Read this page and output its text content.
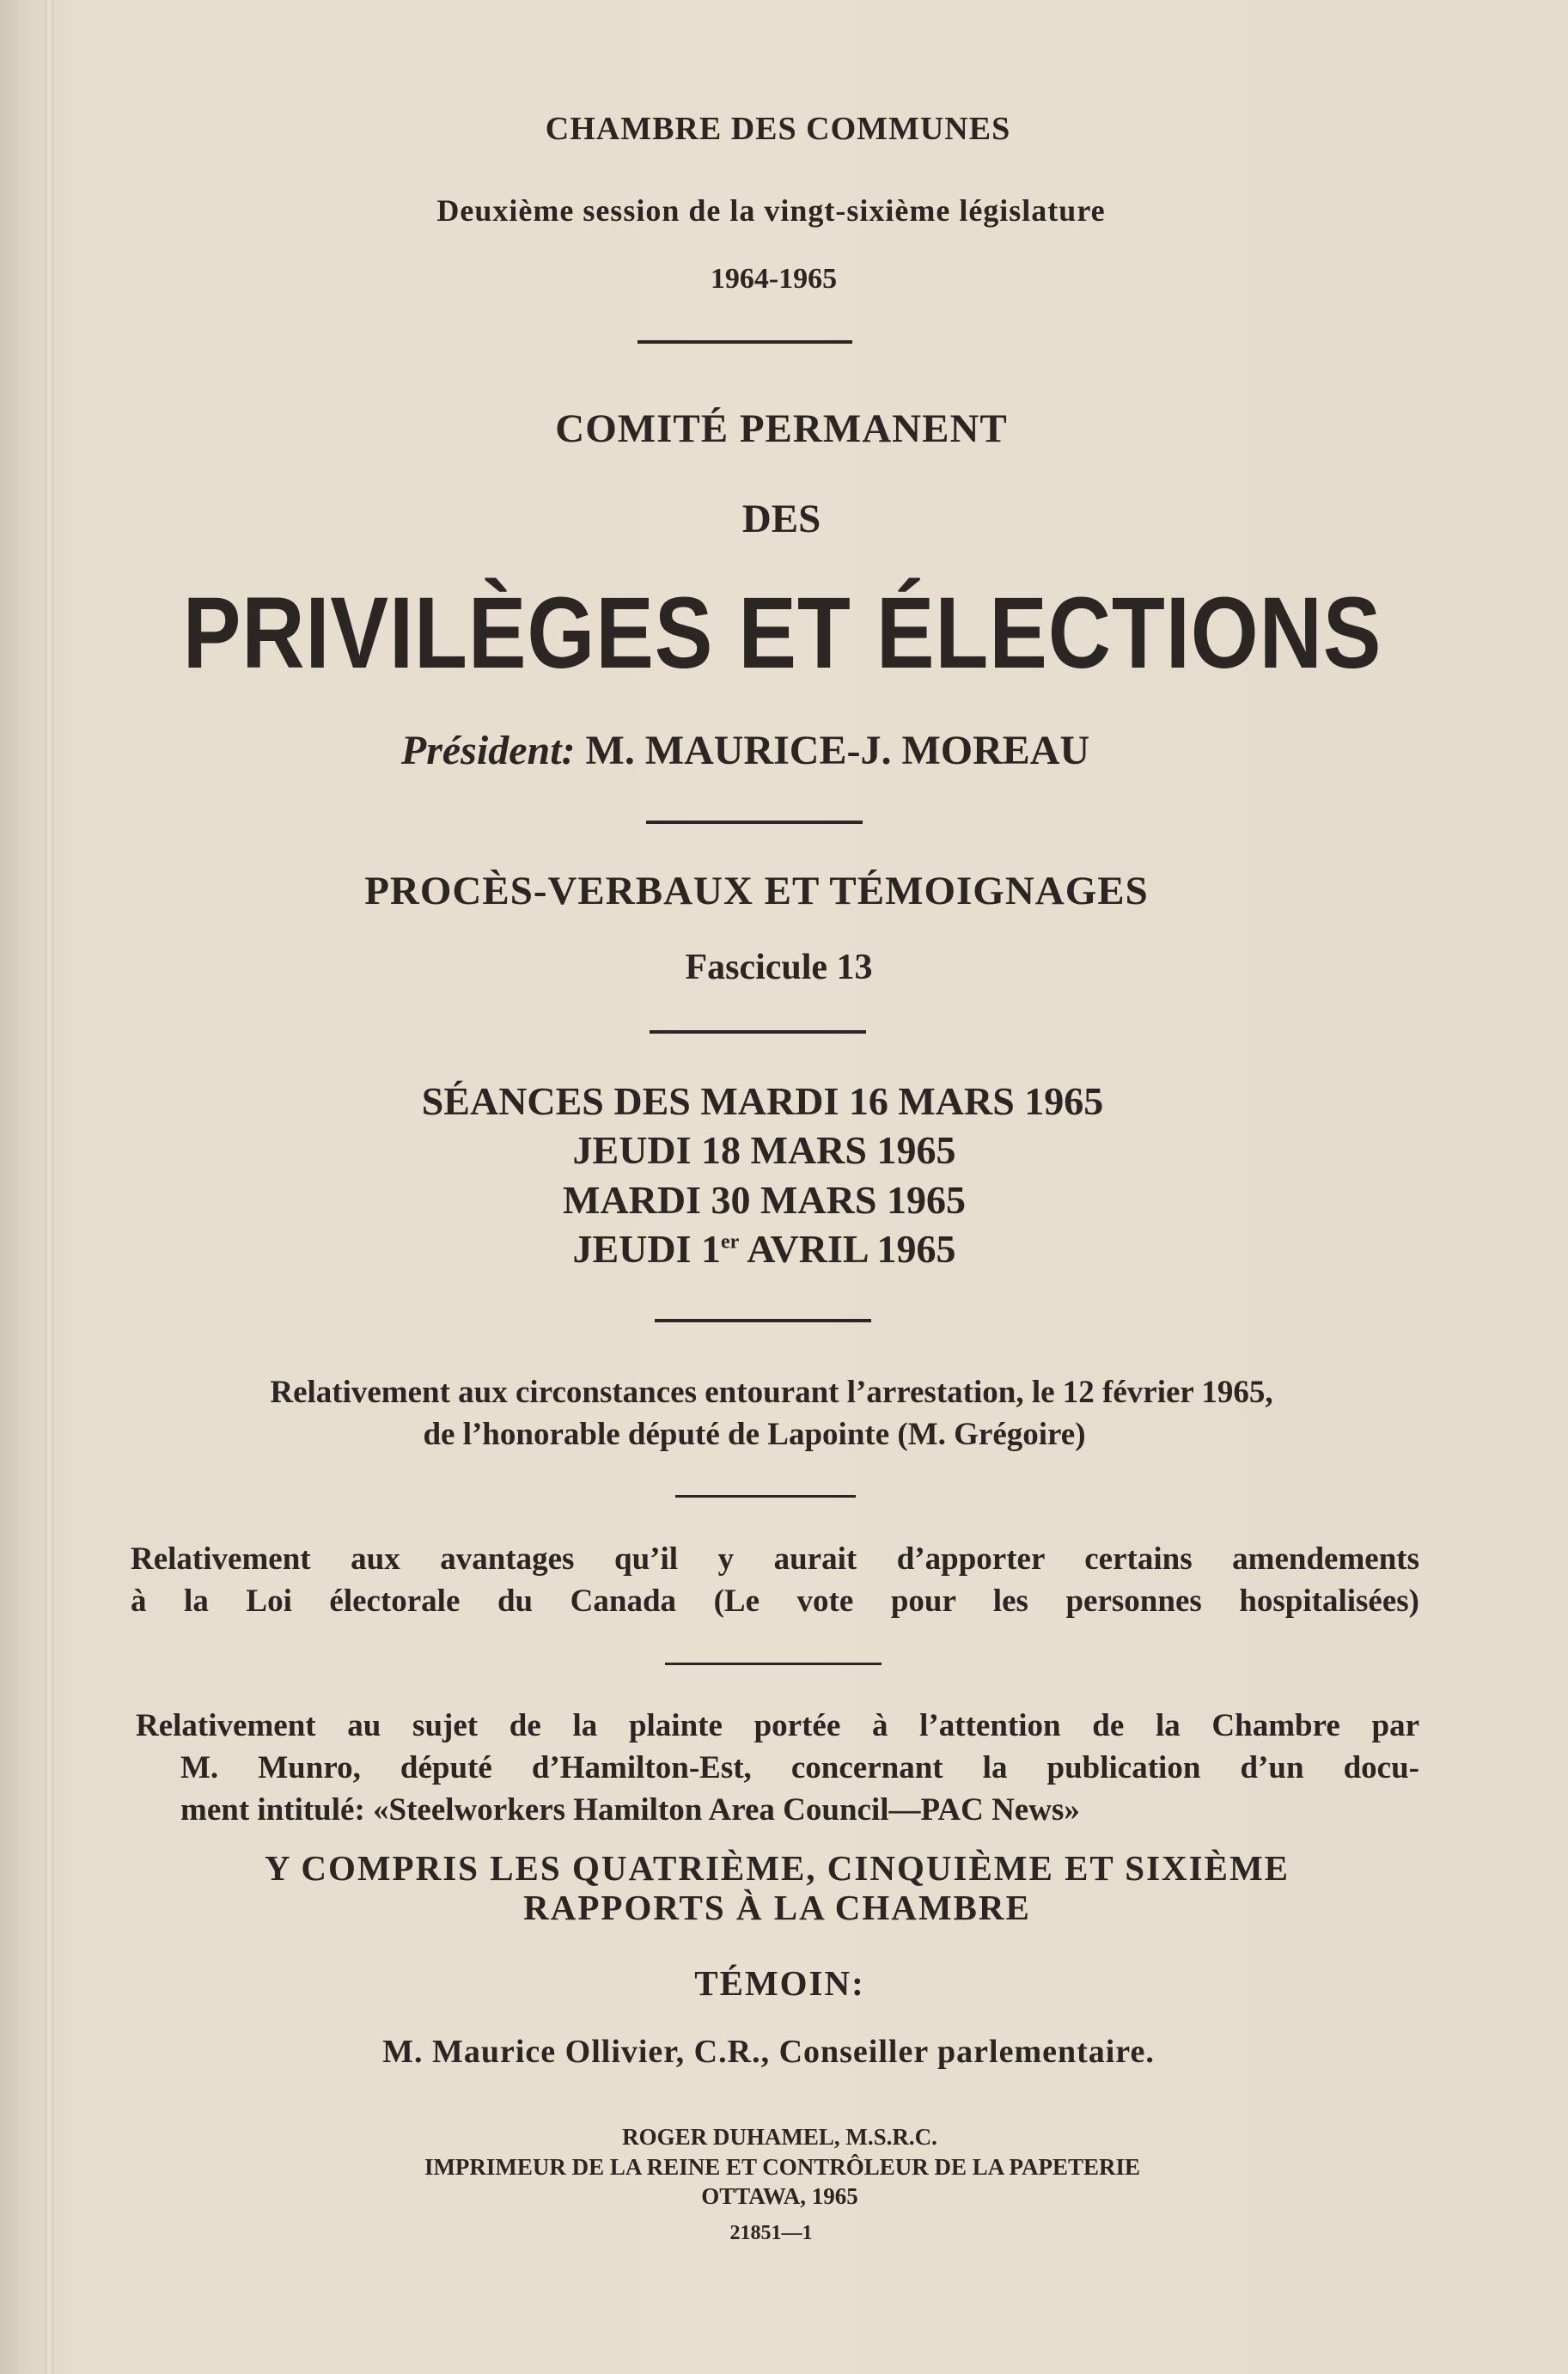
CHAMBRE DES COMMUNES

Deuxième session de la vingt-sixième législature

1964-1965

COMITÉ PERMANENT

DES

PRIVILÈGES ET ÉLECTIONS

Président: M. MAURICE-J. MOREAU

PROCÈS-VERBAUX ET TÉMOIGNAGES

Fascicule 13

SÉANCES DES MARDI 16 MARS 1965

JEUDI 18 MARS 1965

MARDI 30 MARS 1965

JEUDI 1er AVRIL 1965

Relativement aux circonstances entourant l’arrestation, le 12 février 1965,
de l’honorable député de Lapointe (M. Grégoire)
Relativement aux avantages qu’il y aurait d’apporter certains amendements
à la Loi électorale du Canada (Le vote pour les personnes hospitalisées)
Relativement au sujet de la plainte portée à l’attention de la Chambre par
M. Munro, député d’Hamilton-Est, concernant la publication d’un docu-
ment intitulé: «Steelworkers Hamilton Area Council—PAC News»

Y COMPRIS LES QUATRIÈME, CINQUIÈME ET SIXIÈME

RAPPORTS À LA CHAMBRE

TÉMOIN:

M. Maurice Ollivier, C.R., Conseiller parlementaire.

ROGER DUHAMEL, M.S.R.C.

IMPRIMEUR DE LA REINE ET CONTRÔLEUR DE LA PAPETERIE

OTTAWA, 1965

21851—1
